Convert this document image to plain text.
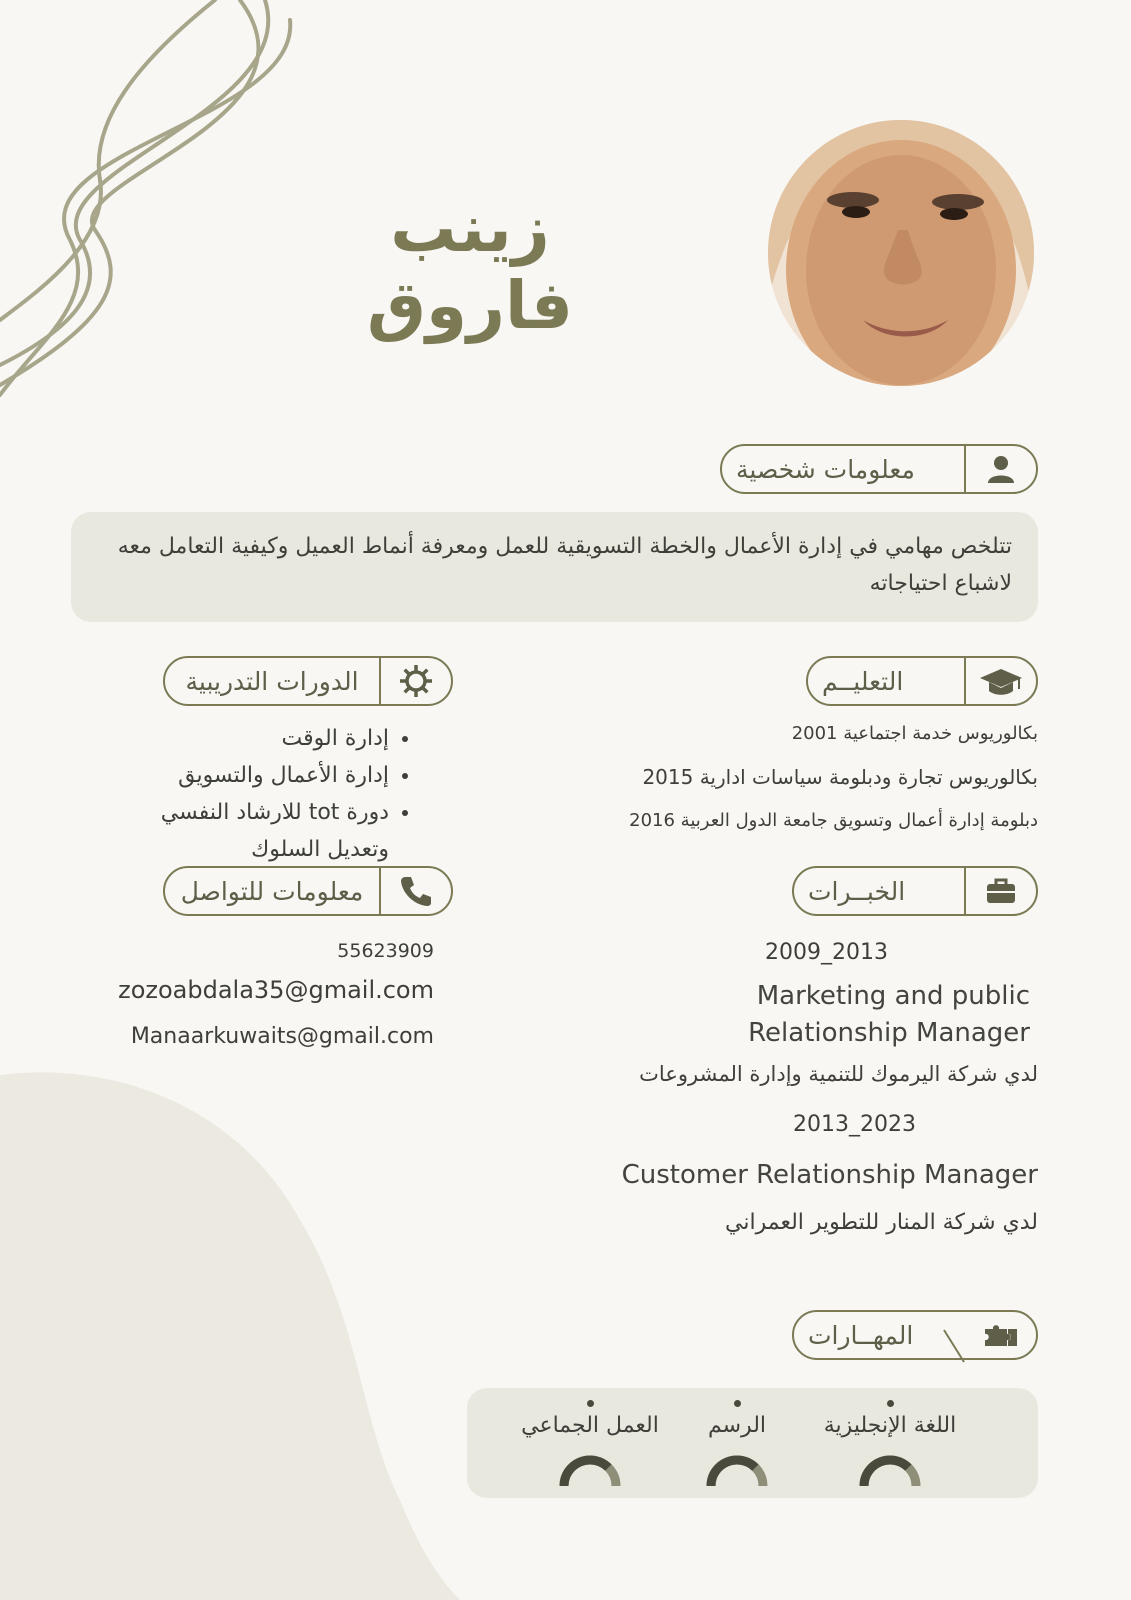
زينب فاروق
معلومات شخصية
تتلخص مهامي في إدارة الأعمال والخطة التسويقية للعمل ومعرفة أنماط العميل وكيفية التعامل معه لاشباع احتياجاته
التعليــم
بكالوريوس خدمة اجتماعية 2001
بكالوريوس تجارة ودبلومة سياسات ادارية 2015
دبلومة إدارة أعمال وتسويق جامعة الدول العربية 2016
الدورات التدريبية
• إدارة الوقت
• إدارة الأعمال والتسويق
• دورة tot للارشاد النفسي وتعديل السلوك
الخبــرات
2009_2013
Marketing and public Relationship Manager
لدي شركة اليرموك للتنمية وإدارة المشروعات
2013_2023
Customer Relationship Manager
لدي شركة المنار للتطوير العمراني
معلومات للتواصل
55623909
zozoabdala35@gmail.com
Manaarkuwaits@gmail.com
المهــارات
اللغة الإنجليزية
الرسم
العمل الجماعي
